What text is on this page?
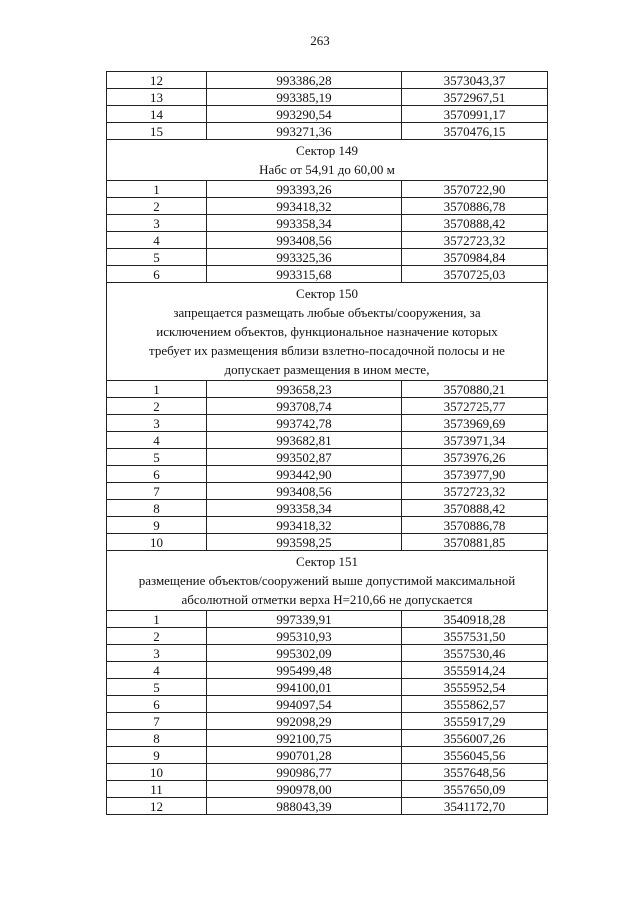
263
12	993386,28	3573043,37
13	993385,19	3572967,51
14	993290,54	3570991,17
15	993271,36	3570476,15

Сектор 149
Набс от 54,91 до 60,00 м		

1	993393,26	3570722,90
2	993418,32	3570886,78
3	993358,34	3570888,42
4	993408,56	3572723,32
5	993325,36	3570984,84
6	993315,68	3570725,03

Сектор 150
запрещается размещать любые объекты/сооружения, за
исключением объектов, функциональное назначение которых
требует их размещения вблизи взлетно-посадочной полосы и не
допускает размещения в ином месте,		

1	993658,23	3570880,21
2	993708,74	3572725,77
3	993742,78	3573969,69
4	993682,81	3573971,34
5	993502,87	3573976,26
6	993442,90	3573977,90
7	993408,56	3572723,32
8	993358,34	3570888,42
9	993418,32	3570886,78
10	993598,25	3570881,85

Сектор 151
размещение объектов/сооружений выше допустимой максимальной
абсолютной отметки верха Н=210,66 не допускается		

1	997339,91	3540918,28
2	995310,93	3557531,50
3	995302,09	3557530,46
4	995499,48	3555914,24
5	994100,01	3555952,54
6	994097,54	3555862,57
7	992098,29	3555917,29
8	992100,75	3556007,26
9	990701,28	3556045,56
10	990986,77	3557648,56
11	990978,00	3557650,09
12	988043,39	3541172,70
